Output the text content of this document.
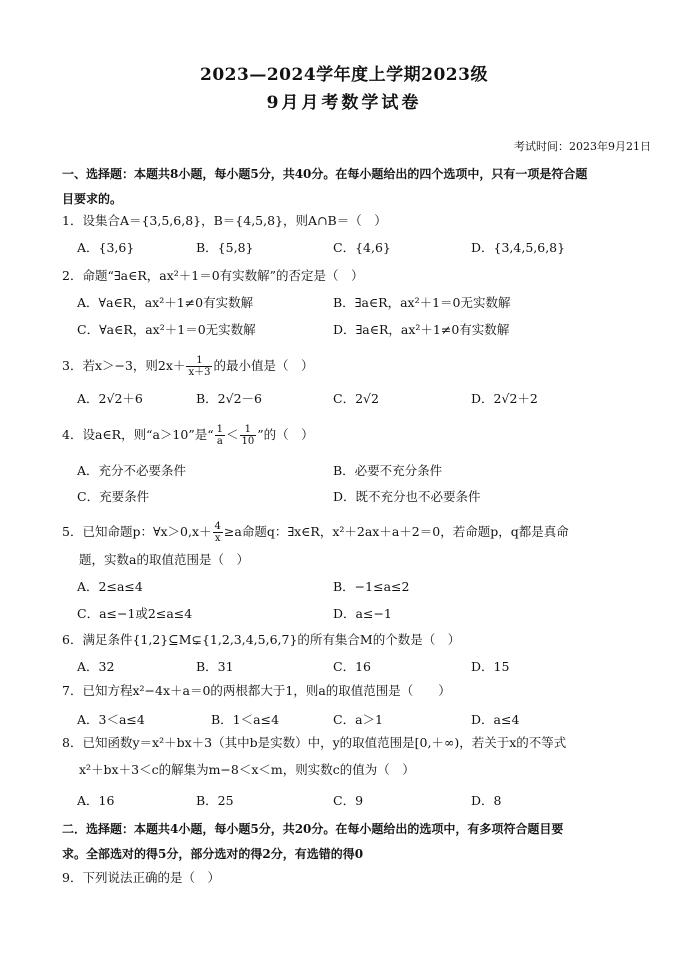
2023—2024学年度上学期2023级
9月月考数学试卷
考试时间：2023年9月21日
一、选择题：本题共8小题，每小题5分，共40分。在每小题给出的四个选项中，只有一项是符合题
目要求的。
1．设集合A＝{3,5,6,8}，B＝{4,5,8}，则A∩B＝（　）
A．{3,6}	B．{5,8}	C．{4,6}	D．{3,4,5,6,8}
2．命题“∃a∈R，ax²＋1＝0有实数解”的否定是（　）
A．∀a∈R，ax²＋1≠0有实数解	B．∃a∈R，ax²＋1＝0无实数解
C．∀a∈R，ax²＋1＝0无实数解	D．∃a∈R，ax²＋1≠0有实数解
3．若x＞−3，则$2x+ \frac{1}{x+3}$ 的最小值是（　）
A．2√2＋6	B．2√2－6	C．2√2	D．2√2＋2
4．设a∈R，则“a＞10”是“ $\frac{1}{a} < \frac{1}{10}$ ”的（　）
A．充分不必要条件	B．必要不充分条件
C．充要条件	D．既不充分也不必要条件
5．已知命题p：∀x＞0,x＋ $\frac{4}{x} \ge a$命题q：∃x∈R，x²＋2ax＋a＋2＝0，若命题p，q都是真命
题，实数a的取值范围是（　）
A．2≤a≤4	B．−1≤a≤2
C．a≤−1或2≤a≤4	D．a≤−1
6．满足条件{1,2}⊆M⊊{1,2,3,4,5,6,7}的所有集合M的个数是（　）
A．32	B．31	C．16	D．15
7．已知方程x²−4x＋a＝0的两根都大于1，则a的取值范围是（　　）
A．3＜a≤4	B．1＜a≤4	C．a＞1	D．a≤4
8．已知函数y＝x²＋bx＋3（其中b是实数）中，y的取值范围是[0,＋∞)，若关于x的不等式
x²＋bx＋3＜c的解集为m−8＜x＜m，则实数c的值为（　）
A．16	B．25	C．9	D．8
二．选择题：本题共4小题，每小题5分，共20分。在每小题给出的选项中，有多项符合题目要
求。全部选对的得5分，部分选对的得2分，有选错的得0
9．下列说法正确的是（　）
